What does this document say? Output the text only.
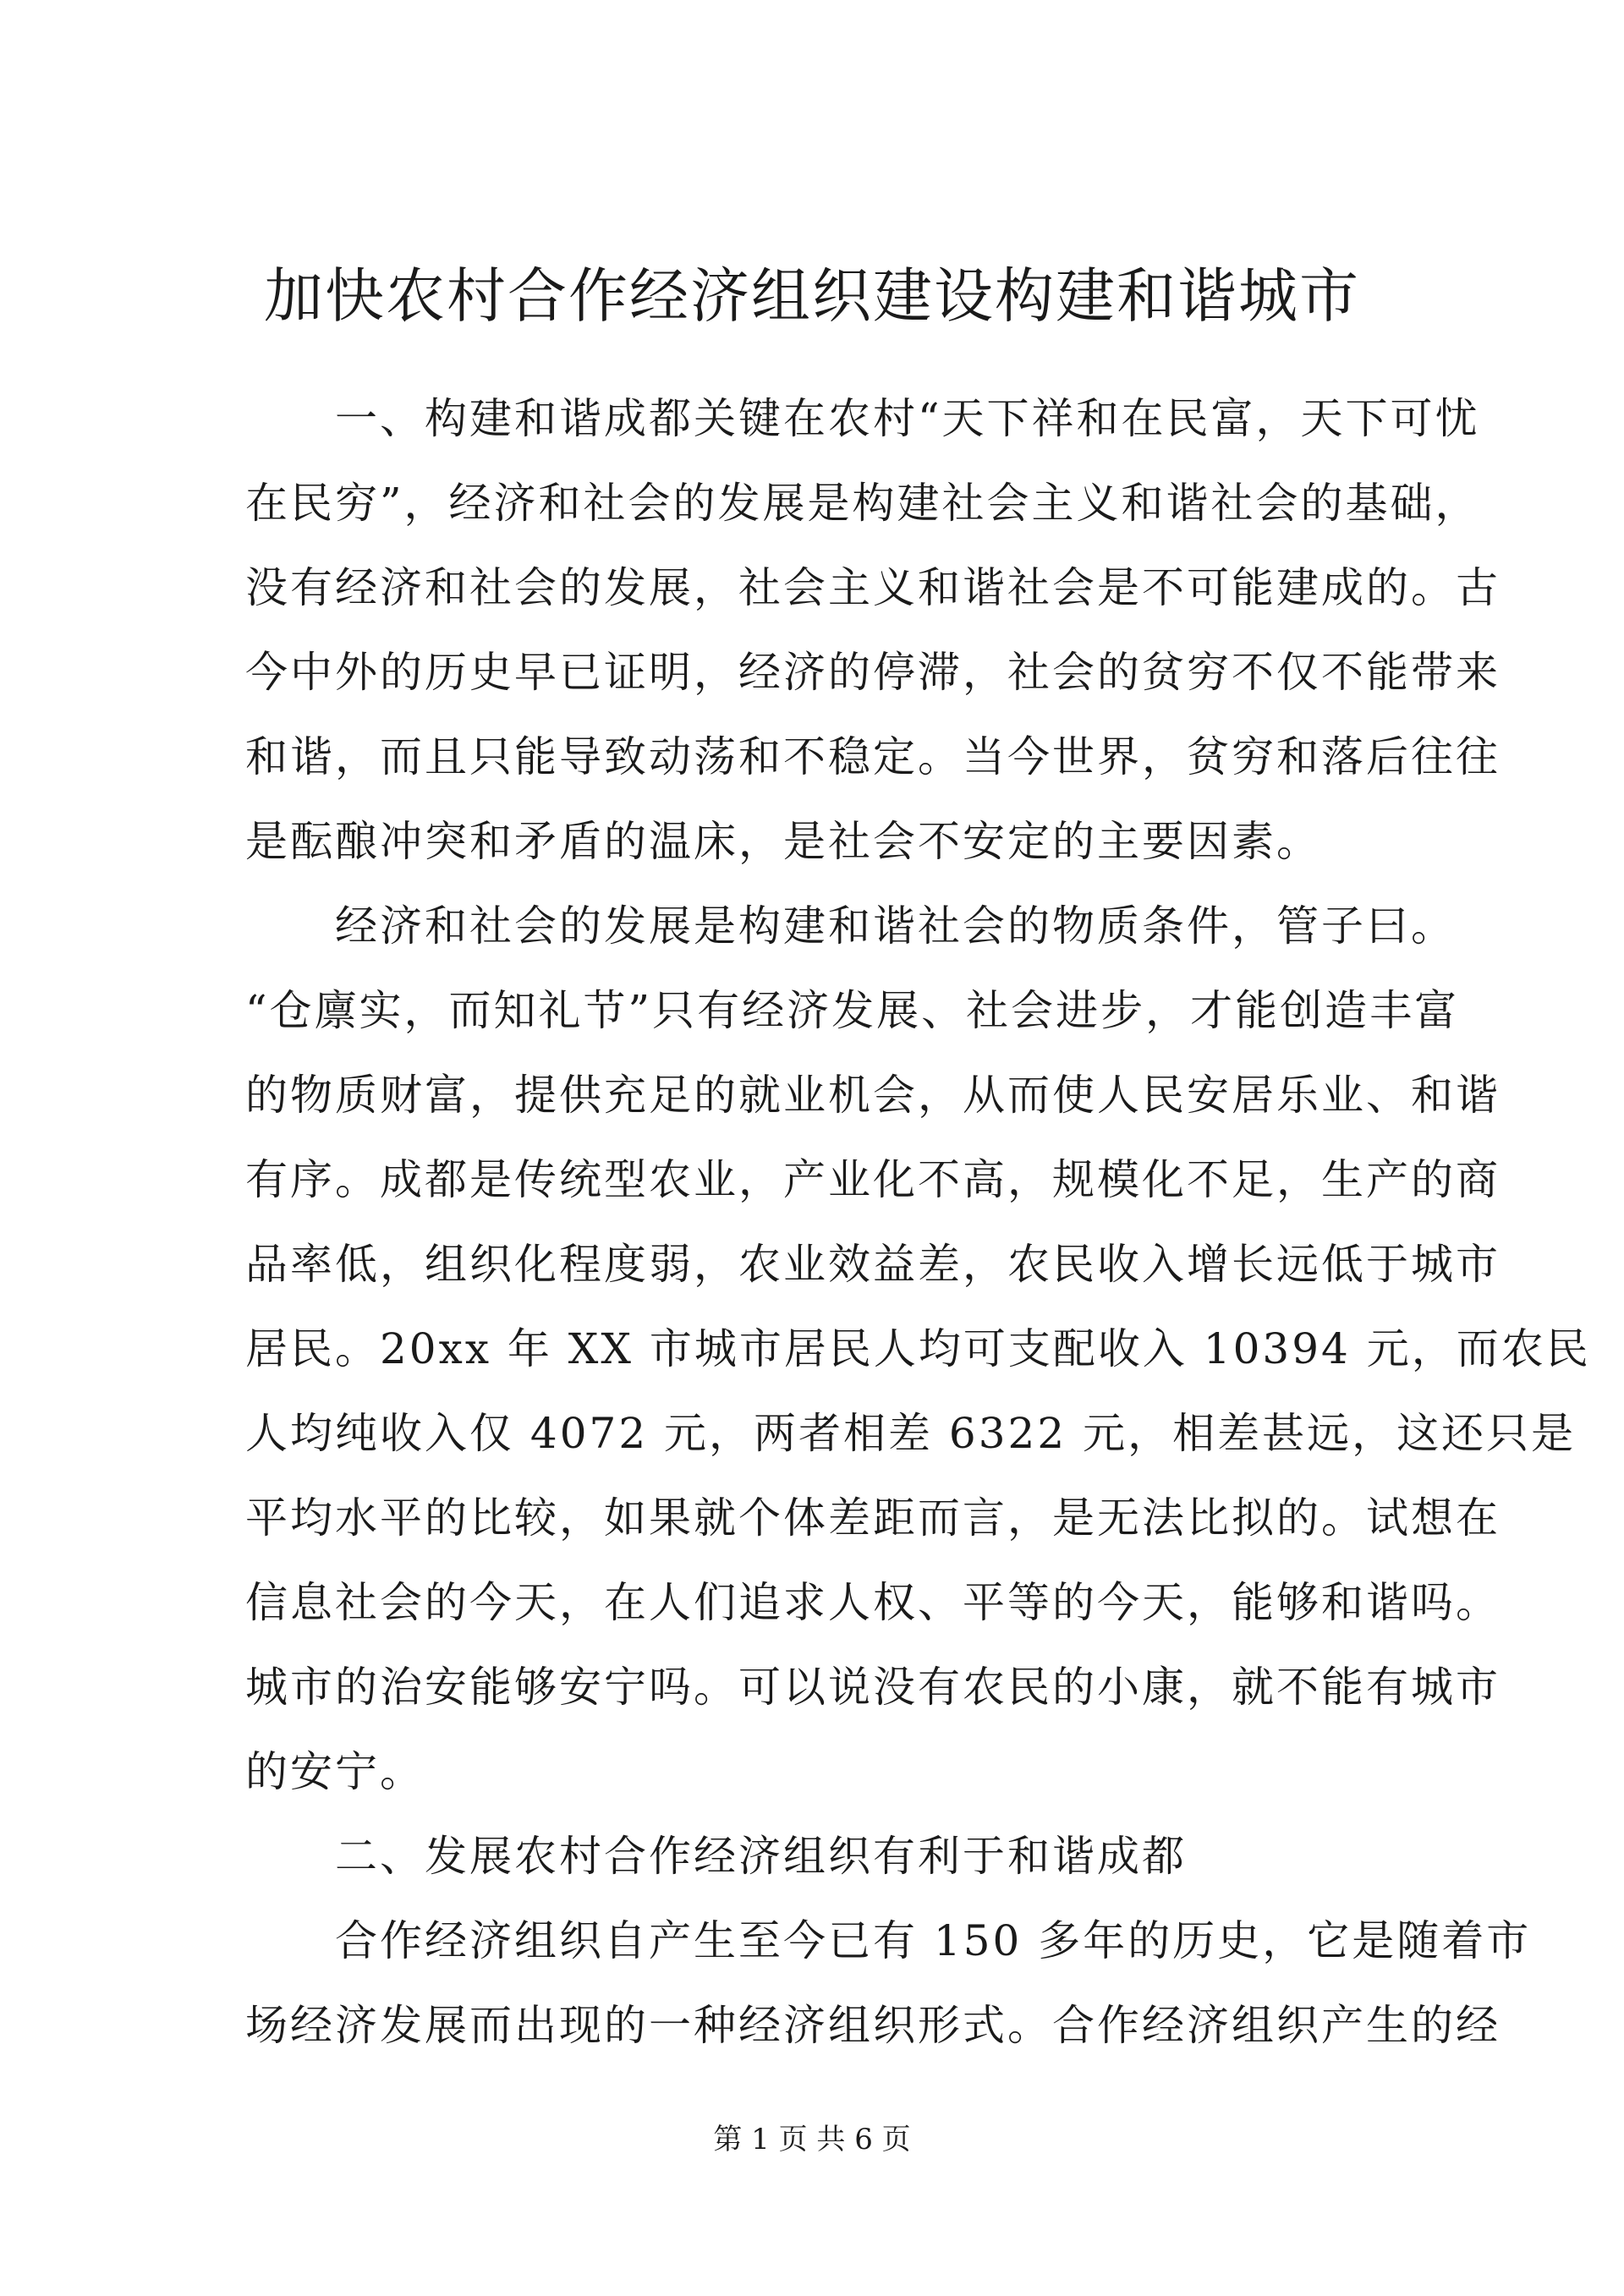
加快农村合作经济组织建设构建和谐城市
　　一、构建和谐成都关键在农村“天下祥和在民富，天下可忧
在民穷”，经济和社会的发展是构建社会主义和谐社会的基础，
没有经济和社会的发展，社会主义和谐社会是不可能建成的。古
今中外的历史早已证明，经济的停滞，社会的贫穷不仅不能带来
和谐，而且只能导致动荡和不稳定。当今世界，贫穷和落后往往
是酝酿冲突和矛盾的温床，是社会不安定的主要因素。
　　经济和社会的发展是构建和谐社会的物质条件，管子曰。
“仓廪实，而知礼节”只有经济发展、社会进步，才能创造丰富
的物质财富，提供充足的就业机会，从而使人民安居乐业、和谐
有序。成都是传统型农业，产业化不高，规模化不足，生产的商
品率低，组织化程度弱，农业效益差，农民收入增长远低于城市
居民。20xx 年 XX 市城市居民人均可支配收入 10394 元，而农民
人均纯收入仅 4072 元，两者相差 6322 元，相差甚远，这还只是
平均水平的比较，如果就个体差距而言，是无法比拟的。试想在
信息社会的今天，在人们追求人权、平等的今天，能够和谐吗。
城市的治安能够安宁吗。可以说没有农民的小康，就不能有城市
的安宁。
　　二、发展农村合作经济组织有利于和谐成都
　　合作经济组织自产生至今已有 150 多年的历史，它是随着市
场经济发展而出现的一种经济组织形式。合作经济组织产生的经
第 1 页 共 6 页
